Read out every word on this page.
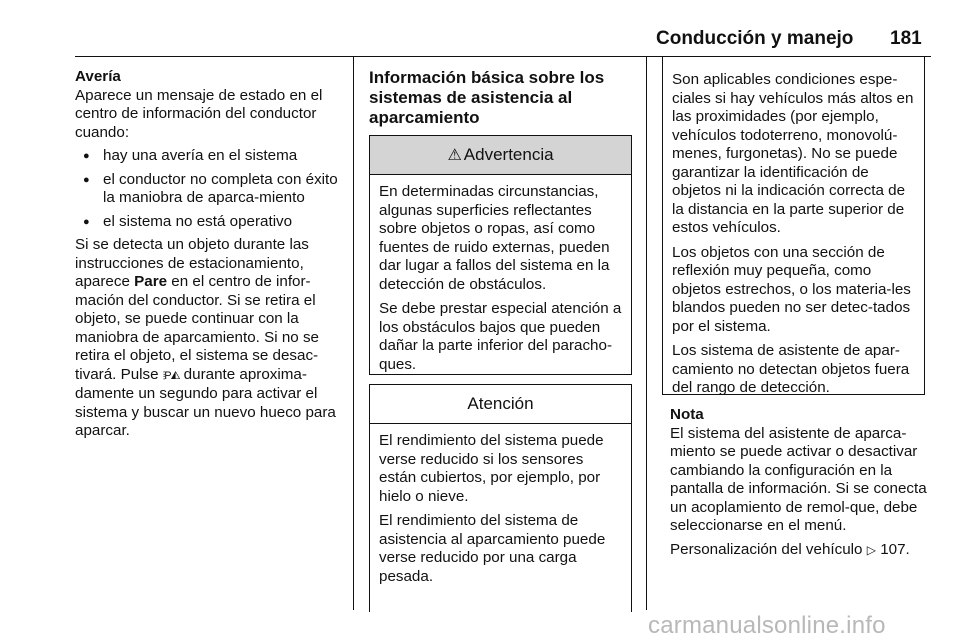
Conducción y manejo 181
Avería

Aparece un mensaje de estado en el centro de información del conductor cuando:

● hay una avería en el sistema
● el conductor no completa con éxito la maniobra de aparca-miento
● el sistema no está operativo

Si se detecta un objeto durante las instrucciones de estacionamiento, aparece Pare en el centro de infor-mación del conductor. Si se retira el objeto, se puede continuar con la maniobra de aparcamiento. Si no se retira el objeto, el sistema se desac-tivará. Pulse ⦙P◭ durante aproxima-damente un segundo para activar el sistema y buscar un nuevo hueco para aparcar.

Información básica sobre los sistemas de asistencia al aparcamiento
⚠ Advertencia

En determinadas circunstancias, algunas superficies reflectantes sobre objetos o ropas, así como fuentes de ruido externas, pueden dar lugar a fallos del sistema en la detección de obstáculos.

Se debe prestar especial atención a los obstáculos bajos que pueden dañar la parte inferior del paracho-ques.

Atención

El rendimiento del sistema puede verse reducido si los sensores están cubiertos, por ejemplo, por hielo o nieve.

El rendimiento del sistema de asistencia al aparcamiento puede verse reducido por una carga pesada.

Son aplicables condiciones espe-ciales si hay vehículos más altos en las proximidades (por ejemplo, vehículos todoterreno, monovolú-menes, furgonetas). No se puede garantizar la identificación de objetos ni la indicación correcta de la distancia en la parte superior de estos vehículos.

Los objetos con una sección de reflexión muy pequeña, como objetos estrechos, o los materia-les blandos pueden no ser detec-tados por el sistema.

Los sistema de asistente de apar-camiento no detectan objetos fuera del rango de detección.

Nota

El sistema del asistente de aparca-miento se puede activar o desactivar cambiando la configuración en la pantalla de información. Si se conecta un acoplamiento de remol-que, debe seleccionarse en el menú.

Personalización del vehículo ▷ 107.

carmanualsonline.info
